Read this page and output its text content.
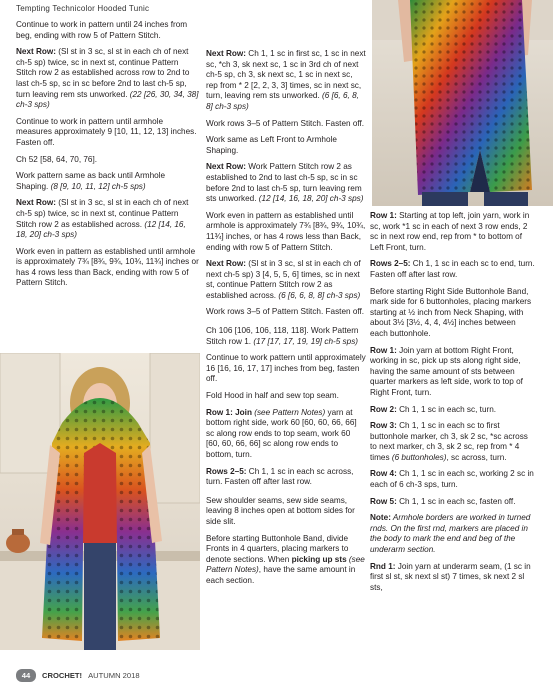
Tempting Technicolor Hooded Tunic

Continue to work in pattern until 24 inches from beg, ending with row 5 of Pattern Stitch.

Next Row: (Sl st in 3 sc, sl st in each ch of next ch-5 sp) twice, sc in next st, continue Pattern Stitch row 2 as established across row to 2nd to last ch-5 sp, sc in sc before 2nd to last ch-5 sp, turn leaving rem sts unworked. (22 [26, 30, 34, 38] ch-3 sps)

Continue to work in pattern until armhole measures approximately 9 [10, 11, 12, 13] inches. Fasten off.

Ch 52 [58, 64, 70, 76].

Work pattern same as back until Armhole Shaping. (8 [9, 10, 11, 12] ch-5 sps)

Next Row: (Sl st in 3 sc, sl st in each ch of next ch-5 sp) twice, sc in next st, continue Pattern Stitch row 2 as established across. (12 [14, 16, 18, 20] ch-3 sps)

Work even in pattern as established until armhole is approximately 7¾ [8¾, 9¾, 10¾, 11¾] inches or has 4 rows less than Back, ending with row 5 of Pattern Stitch.

Next Row: Ch 1, 1 sc in first sc, 1 sc in next sc, *ch 3, sk next sc, 1 sc in 3rd ch of next ch-5 sp, ch 3, sk next sc, 1 sc in next sc, rep from * 2 [2, 2, 3, 3] times, sc in next sc, turn, leaving rem sts unworked. (6 [6, 6, 8, 8] ch-3 sps)

Work rows 3–5 of Pattern Stitch. Fasten off.

Work same as Left Front to Armhole Shaping.

Next Row: Work Pattern Stitch row 2 as established to 2nd to last ch-5 sp, sc in sc before 2nd to last ch-5 sp, turn leaving rem sts unworked. (12 [14, 16, 18, 20] ch-3 sps)

Work even in pattern as established until armhole is approximately 7¾ [8¾, 9¾, 10¾, 11¾] inches, or has 4 rows less than Back, ending with row 5 of Pattern Stitch.

Next Row: (Sl st in 3 sc, sl st in each ch of next ch-5 sp) 3 [4, 5, 5, 6] times, sc in next st, continue Pattern Stitch row 2 as established across. (6 [6, 6, 8, 8] ch-3 sps)

Work rows 3–5 of Pattern Stitch. Fasten off.

Ch 106 [106, 106, 118, 118]. Work Pattern Stitch row 1. (17 [17, 17, 19, 19] ch-5 sps)

Continue to work pattern until approximately 16 [16, 16, 17, 17] inches from beg, fasten off.

Fold Hood in half and sew top seam.

Row 1: Join (see Pattern Notes) yarn at bottom right side, work 60 [60, 60, 66, 66] sc along row ends to top seam, work 60 [60, 60, 66, 66] sc along row ends to bottom, turn.

Rows 2–5: Ch 1, 1 sc in each sc across, turn. Fasten off after last row.

Sew shoulder seams, sew side seams, leaving 8 inches open at bottom sides for side slit.

Before starting Buttonhole Band, divide Fronts in 4 quarters, placing markers to denote sections. When picking up sts (see Pattern Notes), have the same amount in each section.

Row 1: Starting at top left, join yarn, work in sc, work *1 sc in each of next 3 row ends, 2 sc in next row end, rep from * to bottom of Left Front, turn.

Rows 2–5: Ch 1, 1 sc in each sc to end, turn. Fasten off after last row.

Before starting Right Side Buttonhole Band, mark side for 6 buttonholes, placing markers starting at ½ inch from Neck Shaping, with about 3½ [3½, 4, 4, 4½] inches between each buttonhole.

Row 1: Join yarn at bottom Right Front, working in sc, pick up sts along right side, having the same amount of sts between quarter markers as left side, work to top of Right Front, turn.

Row 2: Ch 1, 1 sc in each sc, turn.

Row 3: Ch 1, 1 sc in each sc to first buttonhole marker, ch 3, sk 2 sc, *sc across to next marker, ch 3, sk 2 sc, rep from * 4 times (6 buttonholes), sc across, turn.

Row 4: Ch 1, 1 sc in each sc, working 2 sc in each of 6 ch-3 sps, turn.

Row 5: Ch 1, 1 sc in each sc, fasten off.

Note: Armhole borders are worked in turned rnds. On the first rnd, markers are placed in the body to mark the end and beg of the underarm section.

Rnd 1: Join yarn at underarm seam, (1 sc in first sl st, sk next sl st) 7 times, sk next 2 sl sts,

44	CROCHET! AUTUMN 2018
